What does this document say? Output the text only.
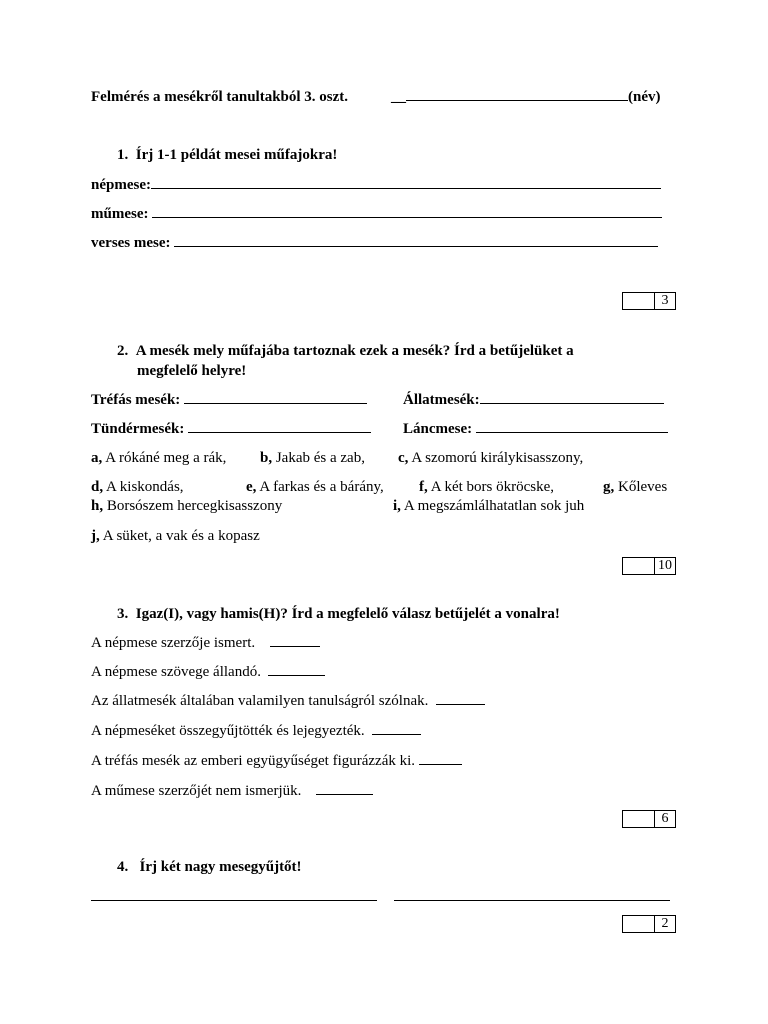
Felmérés a mesékről tanultakból 3. oszt.	__	(név)
1. Írj 1-1 példát mesei műfajokra!
népmese:
műmese:
verses mese:
3
2. A mesék mely műfajába tartoznak ezek a mesék? Írd a betűjelüket a
megfelelő helyre!
Tréfás mesék:	Állatmesék:
Tündérmesék:	Láncmese:
a, A rókáné meg a rák, b, Jakab és a zab, c, A szomorú királykisasszony,
d, A kiskondás,	e, A farkas és a bárány, f, A két bors ökröcske,	g, Kőleves
h, Borsószem hercegkisasszony	i, A megszámlálhatatlan sok juh
j, A süket, a vak és a kopasz
10
3. Igaz(I), vagy hamis(H)? Írd a megfelelő válasz betűjelét a vonalra!
A népmese szerzője ismert.
A népmese szövege állandó.
Az állatmesék általában valamilyen tanulságról szólnak.
A népmeséket összegyűjtötték és lejegyezték.
A tréfás mesék az emberi együgyűséget figurázzák ki.
A műmese szerzőjét nem ismerjük.
6
4. Írj két nagy mesegyűjtőt!
2
